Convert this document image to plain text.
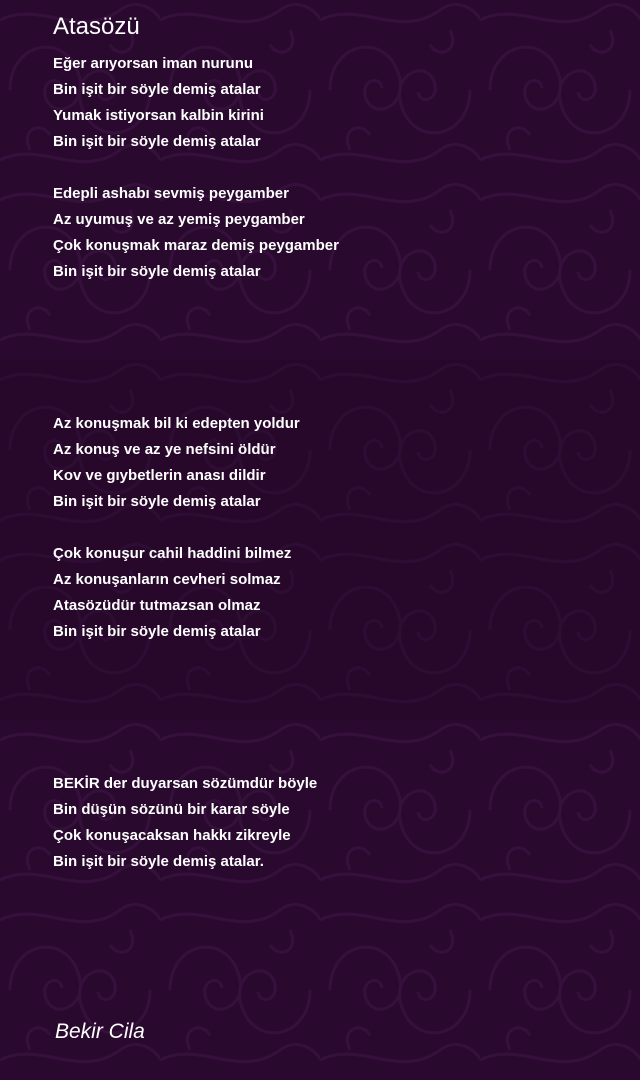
Atasözü
Eğer arıyorsan iman nurunu
Bin işit bir söyle demiş atalar
Yumak istiyorsan kalbin kirini
Bin işit bir söyle demiş atalar
Edepli ashabı sevmiş peygamber
Az uyumuş ve az yemiş peygamber
Çok konuşmak maraz demiş peygamber
Bin işit bir söyle demiş atalar
Az konuşmak bil ki edepten yoldur
Az konuş ve az ye nefsini öldür
Kov ve gıybetlerin anası dildir
Bin işit bir söyle demiş atalar
Çok konuşur cahil haddini bilmez
Az konuşanların cevheri solmaz
Atasözüdür tutmazsan olmaz
Bin işit bir söyle demiş atalar
BEKİR der duyarsan sözümdür böyle
Bin düşün sözünü bir karar söyle
Çok konuşacaksan hakkı zikreyle
Bin işit bir söyle demiş atalar.
Bekir Cila
